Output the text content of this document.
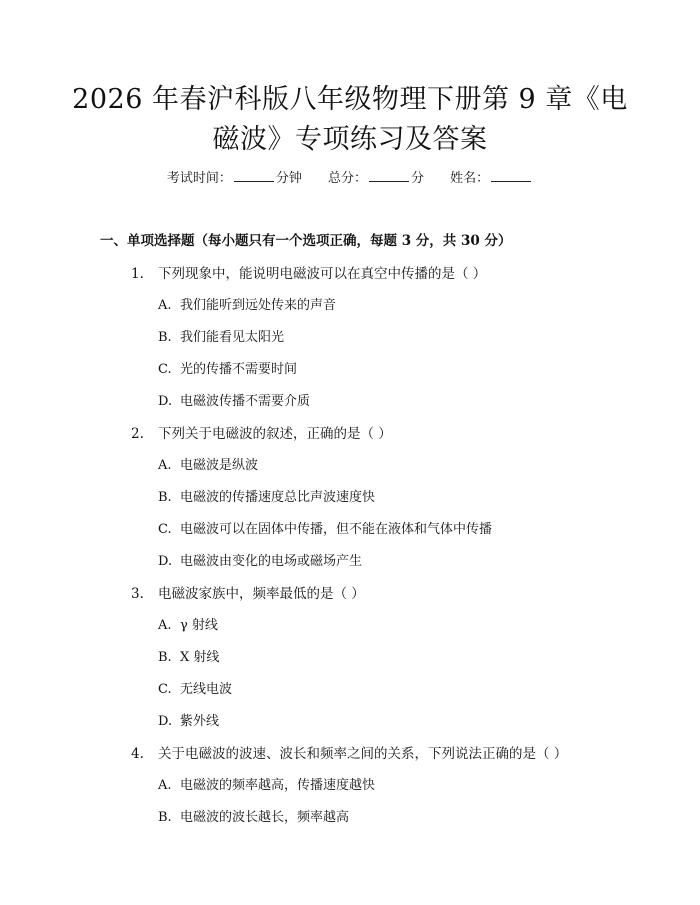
2026 年春沪科版八年级物理下册第 9 章《电
磁波》专项练习及答案
考试时间：	分钟 总分：	分 姓名：
一、单项选择题（每小题只有一个选项正确，每题 3 分，共 30 分）
1. 下列现象中，能说明电磁波可以在真空中传播的是（ ）
A. 我们能听到远处传来的声音
B. 我们能看见太阳光
C. 光的传播不需要时间
D. 电磁波传播不需要介质
2. 下列关于电磁波的叙述，正确的是（ ）
A. 电磁波是纵波
B. 电磁波的传播速度总比声波速度快
C. 电磁波可以在固体中传播，但不能在液体和气体中传播
D. 电磁波由变化的电场或磁场产生
3. 电磁波家族中，频率最低的是（ ）
A. γ 射线
B. X 射线
C. 无线电波
D. 紫外线
4. 关于电磁波的波速、波长和频率之间的关系，下列说法正确的是（ ）
A. 电磁波的频率越高，传播速度越快
B. 电磁波的波长越长，频率越高
